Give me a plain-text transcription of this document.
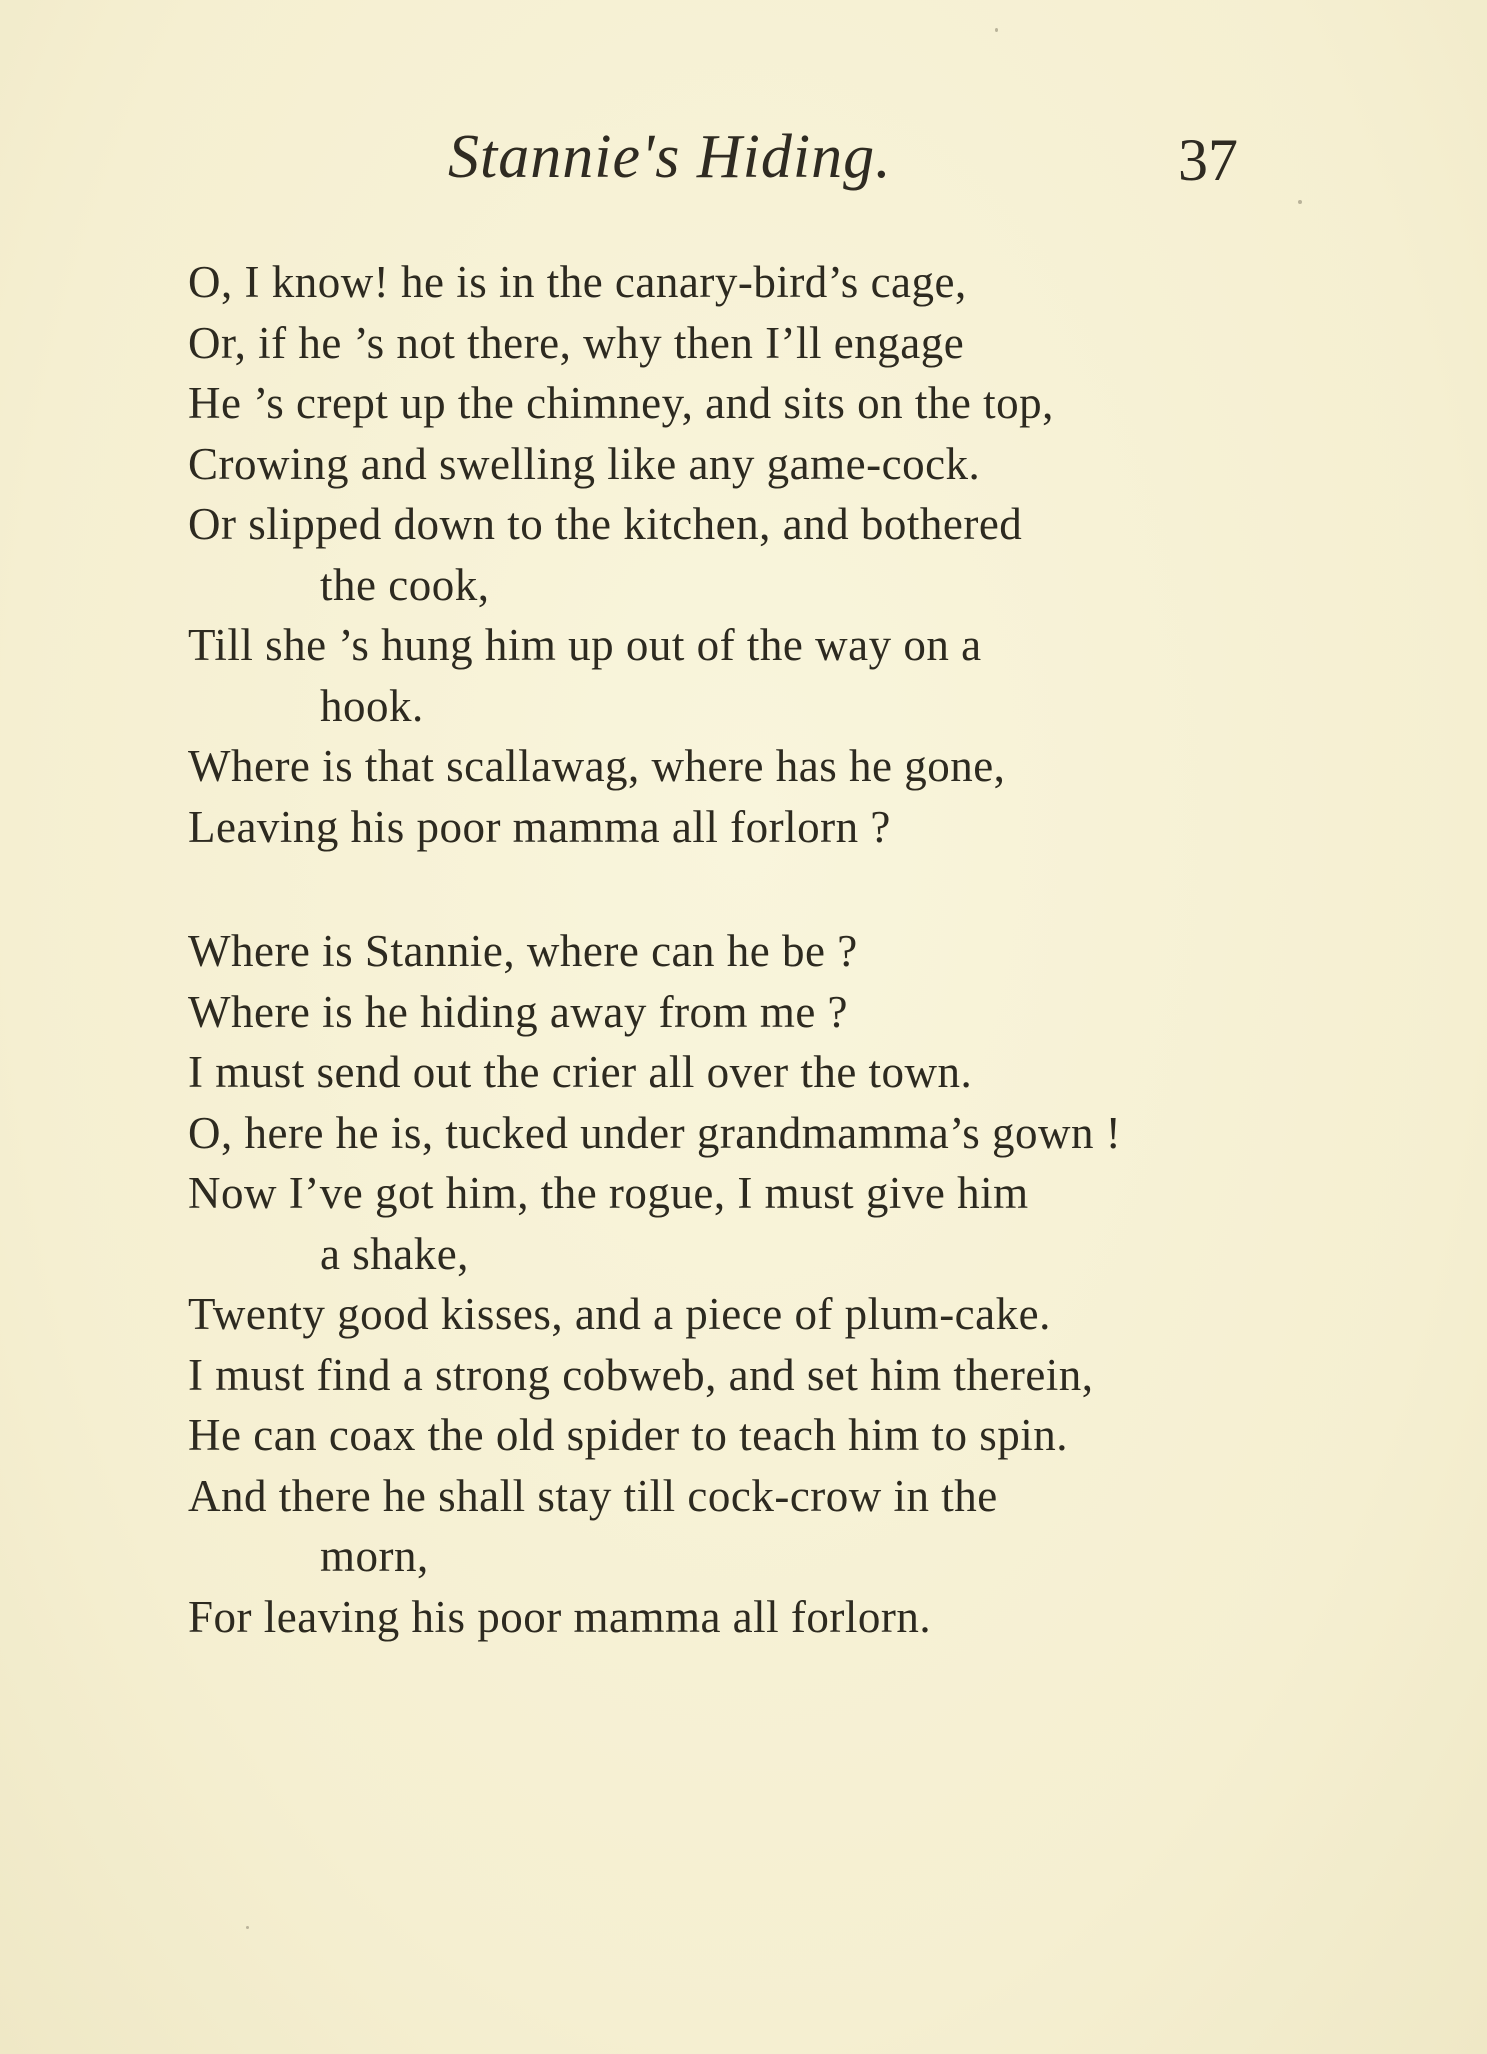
Stannie's Hiding.	37
O, I know! he is in the canary-bird’s cage,
Or, if he ’s not there, why then I’ll engage
He ’s crept up the chimney, and sits on the top,
Crowing and swelling like any game-cock.
Or slipped down to the kitchen, and bothered
the cook,
Till she ’s hung him up out of the way on a
hook.
Where is that scallawag, where has he gone,
Leaving his poor mamma all forlorn ?
Where is Stannie, where can he be ?
Where is he hiding away from me ?
I must send out the crier all over the town.
O, here he is, tucked under grandmamma’s gown !
Now I’ve got him, the rogue, I must give him
a shake,
Twenty good kisses, and a piece of plum-cake.
I must find a strong cobweb, and set him therein,
He can coax the old spider to teach him to spin.
And there he shall stay till cock-crow in the
morn,
For leaving his poor mamma all forlorn.
